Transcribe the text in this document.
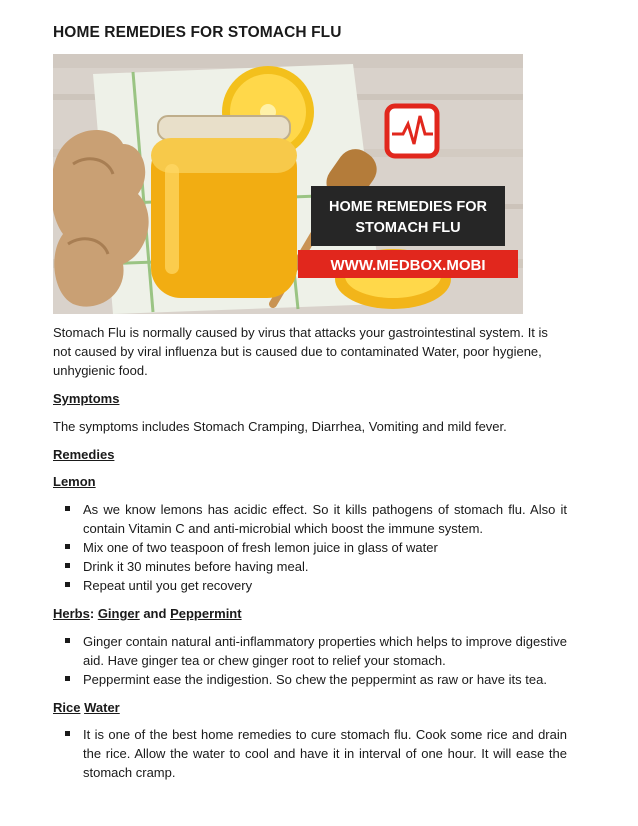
HOME REMEDIES FOR STOMACH FLU
HOME REMEDIES FOR
STOMACH FLU
WWW.MEDBOX.MOBI
Stomach Flu is normally caused by virus that attacks your gastrointestinal system. It is
not caused by viral influenza but is caused due to contaminated Water, poor hygiene,
unhygienic food.
Symptoms
The symptoms includes Stomach Cramping, Diarrhea, Vomiting and mild fever.
Remedies
Lemon
As we know lemons has acidic effect. So it kills pathogens of stomach flu. Also it contain Vitamin C and anti-microbial which boost the immune system.
Mix one of two teaspoon of fresh lemon juice in glass of water
Drink it 30 minutes before having meal.
Repeat until you get recovery
Herbs: Ginger and Peppermint
Ginger contain natural anti-inflammatory properties which helps to improve digestive aid. Have ginger tea or chew ginger root to relief your stomach.
Peppermint ease the indigestion. So chew the peppermint as raw or have its tea.
Rice Water
It is one of the best home remedies to cure stomach flu. Cook some rice and drain the rice. Allow the water to cool and have it in interval of one hour. It will ease the stomach cramp.
